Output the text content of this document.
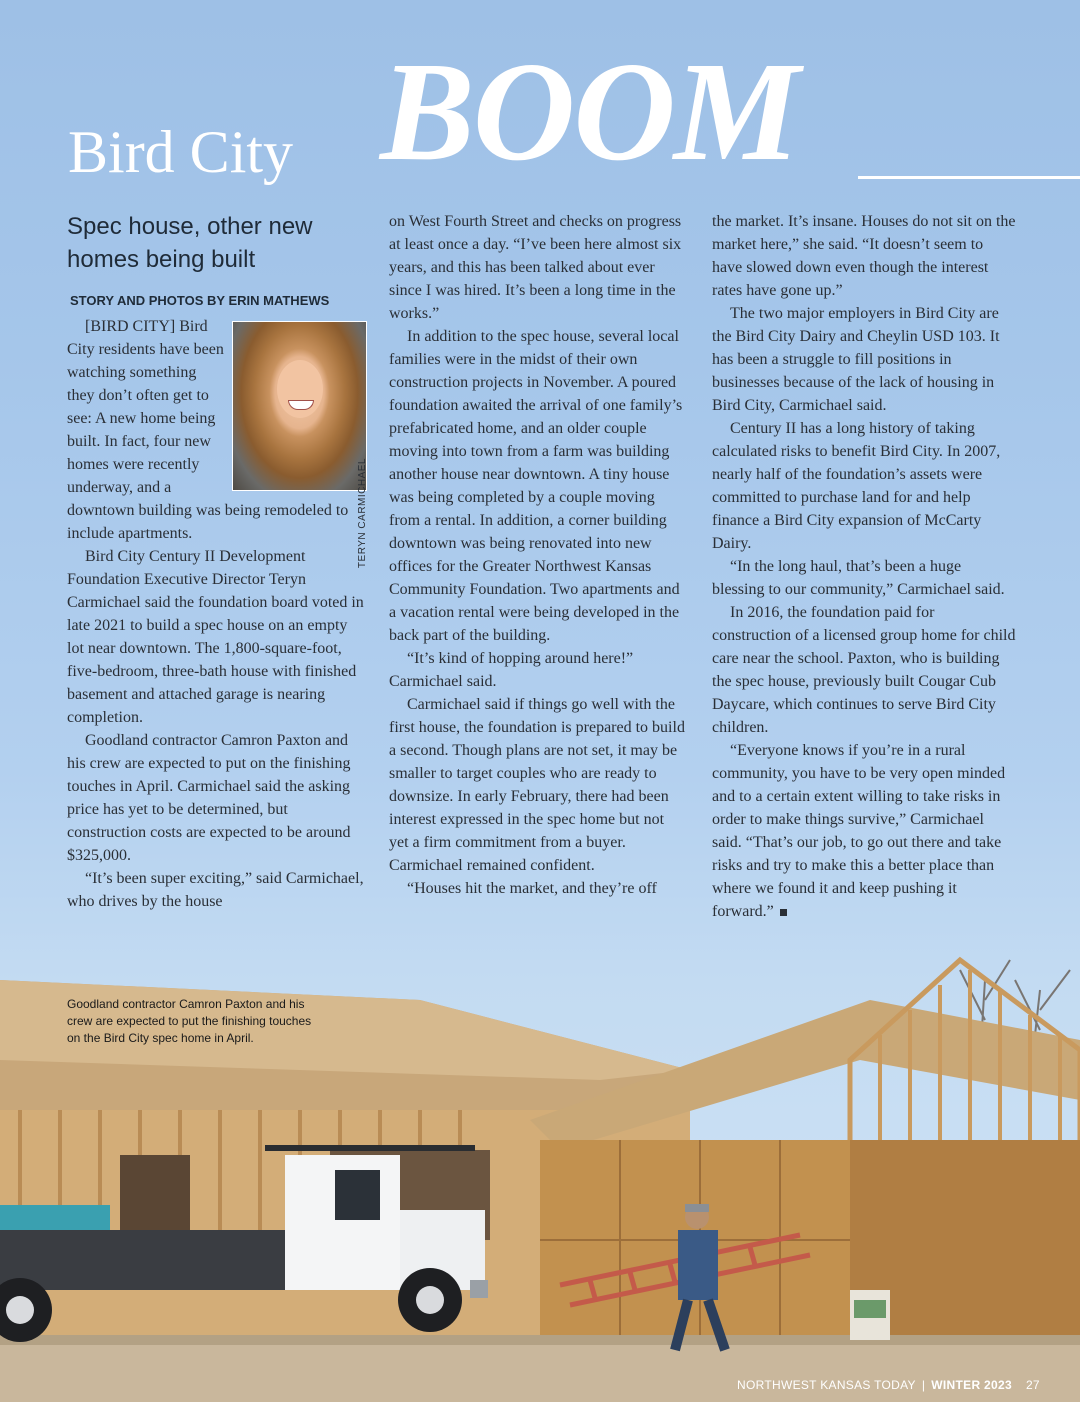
Bird City BOOM
Spec house, other new homes being built
STORY AND PHOTOS BY ERIN MATHEWS

[BIRD CITY] Bird City residents have been watching something they don’t often get to see: A new home being built. In fact, four new homes were recently underway, and a downtown building was being remodeled to include apartments.

Bird City Century II Development Foundation Executive Director Teryn Carmichael said the foundation board voted in late 2021 to build a spec house on an empty lot near downtown. The 1,800-square-foot, five-bedroom, three-bath house with finished basement and attached garage is nearing completion.

Goodland contractor Camron Paxton and his crew are expected to put on the finishing touches in April. Carmichael said the asking price has yet to be determined, but construction costs are expected to be around $325,000.

“It’s been super exciting,” said Carmichael, who drives by the house

TERYN CARMICHAEL

on West Fourth Street and checks on progress at least once a day. “I’ve been here almost six years, and this has been talked about ever since I was hired. It’s been a long time in the works.”

In addition to the spec house, several local families were in the midst of their own construction projects in November. A poured foundation awaited the arrival of one family’s prefabricated home, and an older couple moving into town from a farm was building another house near downtown. A tiny house was being completed by a couple moving from a rental. In addition, a corner building downtown was being renovated into new offices for the Greater Northwest Kansas Community Foundation. Two apartments and a vacation rental were being developed in the back part of the building.

“It’s kind of hopping around here!” Carmichael said.

Carmichael said if things go well with the first house, the foundation is prepared to build a second. Though plans are not set, it may be smaller to target couples who are ready to downsize. In early February, there had been interest expressed in the spec home but not yet a firm commitment from a buyer. Carmichael remained confident.

“Houses hit the market, and they’re off

the market. It’s insane. Houses do not sit on the market here,” she said. “It doesn’t seem to have slowed down even though the interest rates have gone up.”

The two major employers in Bird City are the Bird City Dairy and Cheylin USD 103. It has been a struggle to fill positions in businesses because of the lack of housing in Bird City, Carmichael said.

Century II has a long history of taking calculated risks to benefit Bird City. In 2007, nearly half of the foundation’s assets were committed to purchase land for and help finance a Bird City expansion of McCarty Dairy.

“In the long haul, that’s been a huge blessing to our community,” Carmichael said.

In 2016, the foundation paid for construction of a licensed group home for child care near the school. Paxton, who is building the spec house, previously built Cougar Cub Daycare, which continues to serve Bird City children.

“Everyone knows if you’re in a rural community, you have to be very open minded and to a certain extent willing to take risks in order to make things survive,” Carmichael said. “That’s our job, to go out there and take risks and try to make this a better place than where we found it and keep pushing it forward.”

Goodland contractor Camron Paxton and his crew are expected to put the finishing touches on the Bird City spec home in April.
NORTHWEST KANSAS TODAY | WINTER 2023 27
